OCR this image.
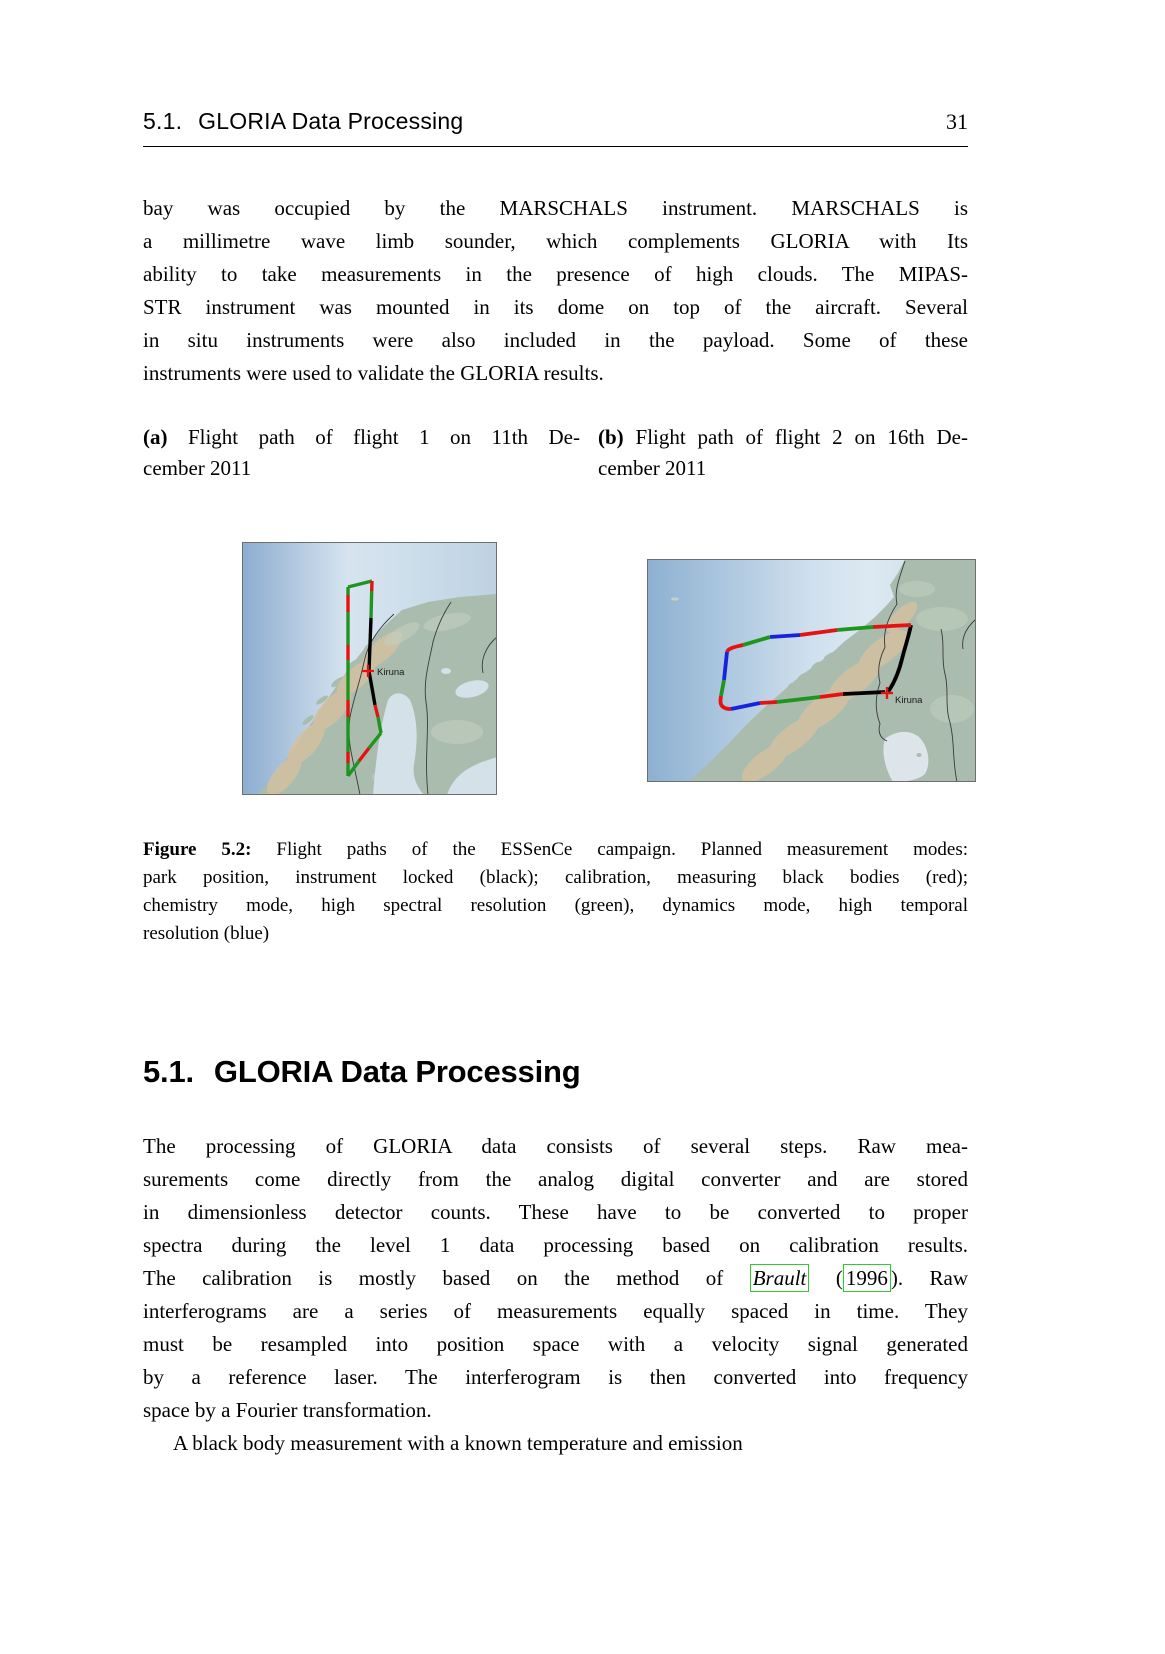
5.1. GLORIA Data Processing	31
bay was occupied by the MARSCHALS instrument. MARSCHALS is
a millimetre wave limb sounder, which complements GLORIA with Its
ability to take measurements in the presence of high clouds. The MIPAS-
STR instrument was mounted in its dome on top of the aircraft. Several
in situ instruments were also included in the payload. Some of these
instruments were used to validate the GLORIA results.
(a) Flight path of flight 1 on 11th De-
cember 2011
(b) Flight path of flight 2 on 16th De-
cember 2011
Kiruna
Kiruna
Figure 5.2: Flight paths of the ESSenCe campaign. Planned measurement modes:
park position, instrument locked (black); calibration, measuring black bodies (red);
chemistry mode, high spectral resolution (green), dynamics mode, high temporal
resolution (blue)
5.1. GLORIA Data Processing
The processing of GLORIA data consists of several steps. Raw mea-
surements come directly from the analog digital converter and are stored
in dimensionless detector counts. These have to be converted to proper
spectra during the level 1 data processing based on calibration results.
The calibration is mostly based on the method of Brault ( 1996 ). Raw
interferograms are a series of measurements equally spaced in time. They
must be resampled into position space with a velocity signal generated
by a reference laser. The interferogram is then converted into frequency
space by a Fourier transformation.
A black body measurement with a known temperature and emission
